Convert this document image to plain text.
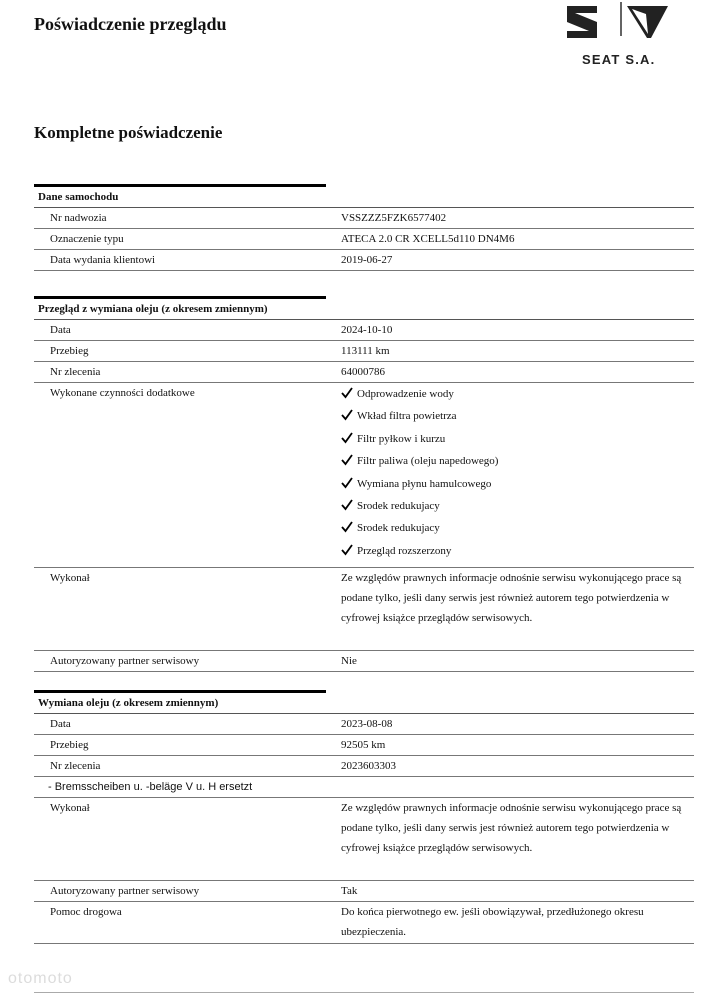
Poświadczenie przeglądu
SEAT S.A.
Kompletne poświadczenie
Dane samochodu
Nr nadwozia	VSSZZZ5FZK6577402
Oznaczenie typu	ATECA 2.0 CR XCELL5d110 DN4M6
Data wydania klientowi	2019-06-27
Przegląd z wymiana oleju (z okresem zmiennym)
Data	2024-10-10
Przebieg	113111 km
Nr zlecenia	64000786
Wykonane czynności dodatkowe	Odprowadzenie wody
Wkład filtra powietrza
Filtr pyłkow i kurzu
Filtr paliwa (oleju napedowego)
Wymiana płynu hamulcowego
Srodek redukujacy
Srodek redukujacy
Przegląd rozszerzony
Wykonał	Ze względów prawnych informacje odnośnie serwisu wykonującego prace są podane tylko, jeśli dany serwis jest również autorem tego potwierdzenia w cyfrowej książce przeglądów serwisowych.
Autoryzowany partner serwisowy	Nie
Wymiana oleju (z okresem zmiennym)
Data	2023-08-08
Przebieg	92505 km
Nr zlecenia	2023603303
- Bremsscheiben u. -beläge V u. H ersetzt
Wykonał	Ze względów prawnych informacje odnośnie serwisu wykonującego prace są podane tylko, jeśli dany serwis jest również autorem tego potwierdzenia w cyfrowej książce przeglądów serwisowych.
Autoryzowany partner serwisowy	Tak
Pomoc drogowa	Do końca pierwotnego ew. jeśli obowiązywał, przedłużonego okresu ubezpieczenia.
otomoto
